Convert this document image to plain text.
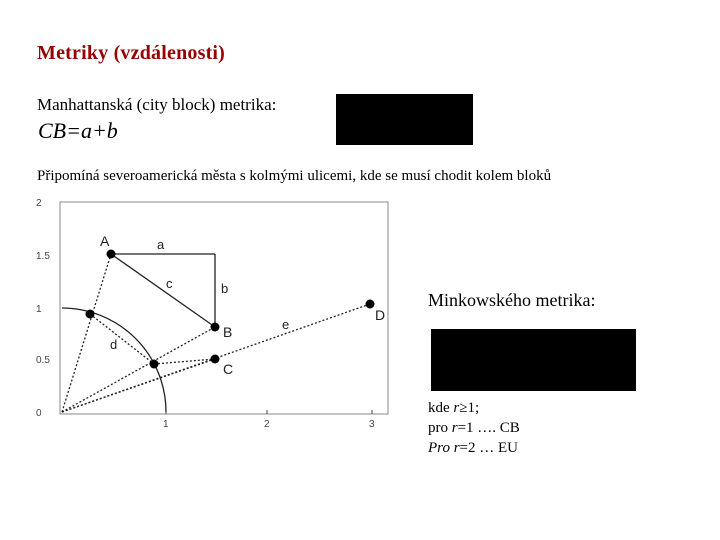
Metriky (vzdálenosti)
Manhattanská (city block) metrika:
CB=a+b
Připomíná severoamerická města s kolmými ulicemi, kde se musí chodit kolem bloků
2
1.5
1
0.5
0
1	2	3
A
B
C
D
a
b
c
d
e
Minkowského metrika:
kde r≥1;
pro r=1 …. CB
Pro r=2 … EU
